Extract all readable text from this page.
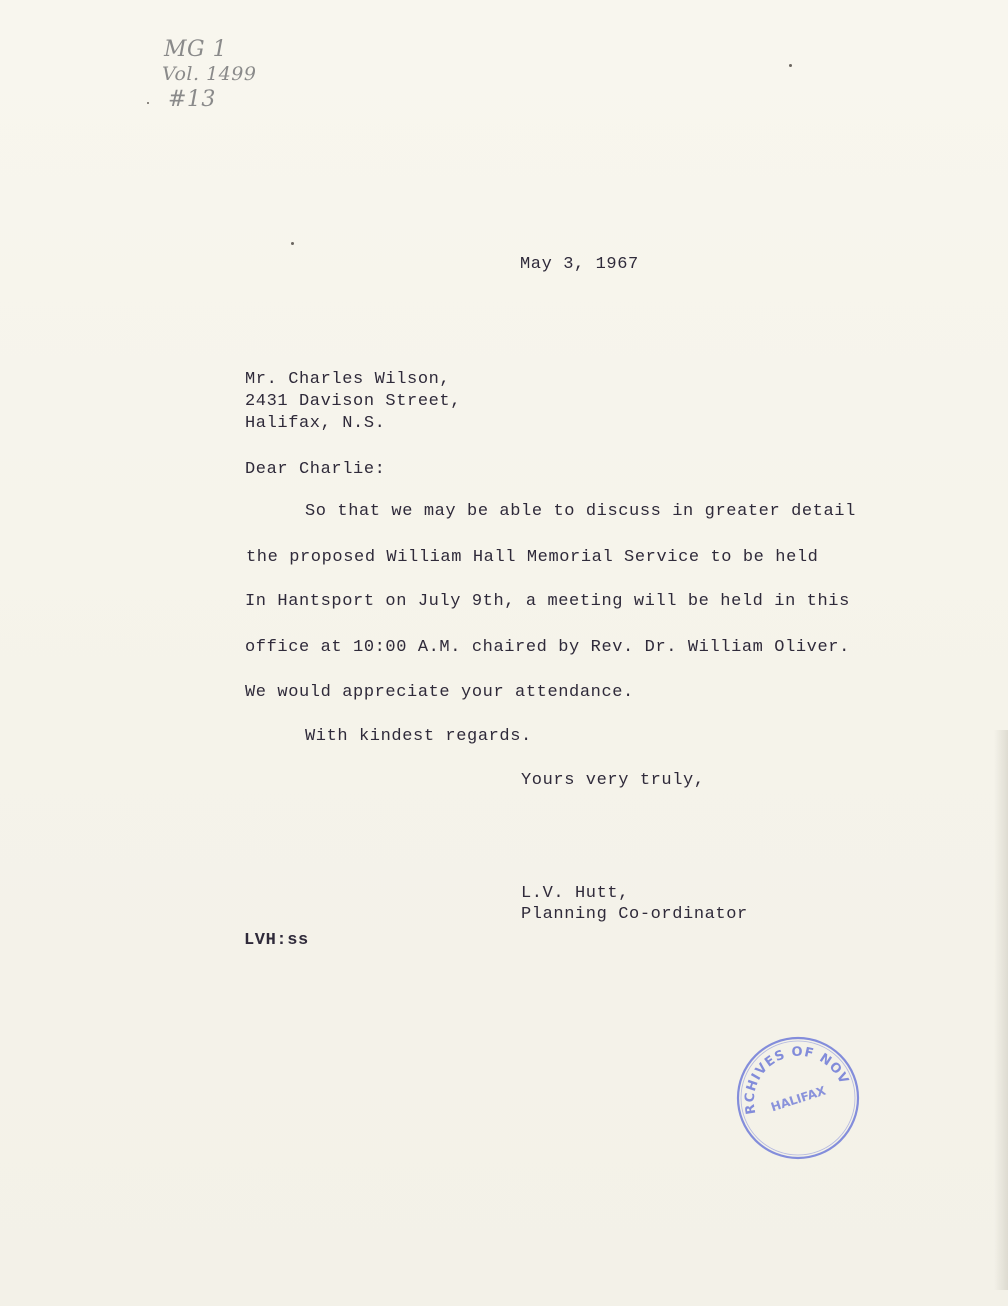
MG 1
Vol. 1499
#13
May 3, 1967
Mr. Charles Wilson,
2431 Davison Street,
Halifax, N.S.
Dear Charlie:
So that we may be able to discuss in greater detail
the proposed William Hall Memorial Service to be held
In Hantsport on July 9th, a meeting will be held in this
office at 10:00 A.M. chaired by Rev. Dr. William Oliver.
We would appreciate your attendance.
With kindest regards.
Yours very truly,
L.V. Hutt,
Planning Co-ordinator
LVH:ss
ARCHIVES OF NOVA
HALIFAX
